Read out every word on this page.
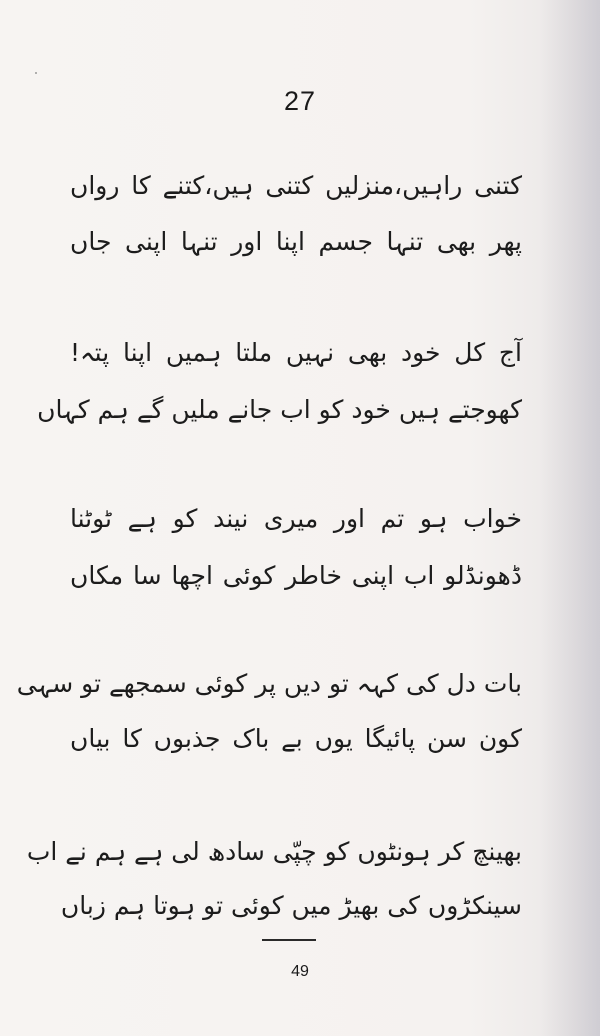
27
کتنی راہیں،منزلیں کتنی ہیں،کتنے کا رواں
پھر بھی تنہا جسم اپنا اور تنہا اپنی جاں
آج کل خود بھی نہیں ملتا ہمیں اپنا پتہ!
کھوجتے ہیں خود کو اب جانے ملیں گے ہم کہاں
خواب ہو تم اور میری نیند کو ہے ٹوٹنا
ڈھونڈلو اب اپنی خاطر کوئی اچھا سا مکاں
بات دل کی کہہ تو دیں پر کوئی سمجھے تو سہی
کون سن پائیگا یوں بے باک جذبوں کا بیاں
بھینچ کر ہونٹوں کو چپّی سادھ لی ہے ہم نے اب
سینکڑوں کی بھیڑ میں کوئی تو ہوتا ہم زباں
49
